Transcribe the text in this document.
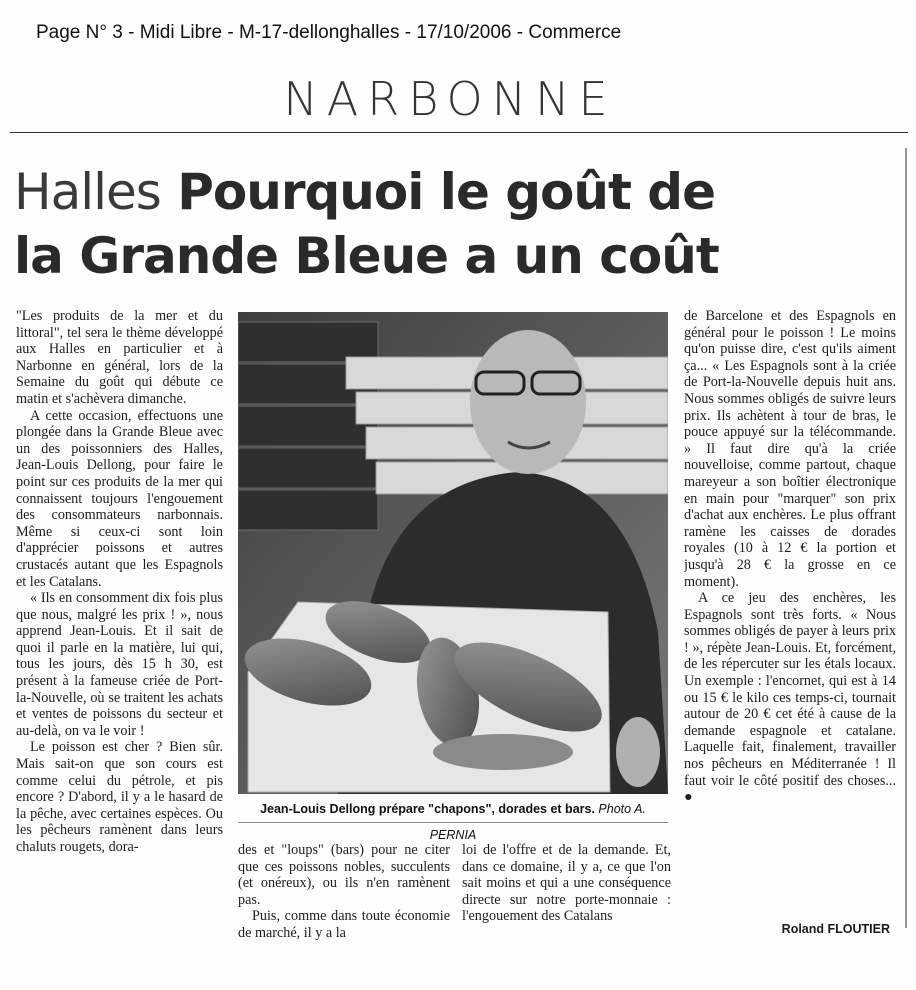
Page N° 3 - Midi Libre - M-17-dellonghalles - 17/10/2006 - Commerce
NARBONNE
Halles Pourquoi le goût de
la Grande Bleue a un coût

"Les produits de la mer et du littoral", tel sera le thème développé aux Halles en particulier et à Narbonne en général, lors de la Semaine du goût qui débute ce matin et s'achèvera dimanche.

A cette occasion, effectuons une plongée dans la Grande Bleue avec un des poissonniers des Halles, Jean-Louis Dellong, pour faire le point sur ces produits de la mer qui connaissent toujours l'engouement des consommateurs narbonnais. Même si ceux-ci sont loin d'apprécier poissons et autres crustacés autant que les Espagnols et les Catalans.

« Ils en consomment dix fois plus que nous, malgré les prix ! », nous apprend Jean-Louis. Et il sait de quoi il parle en la matière, lui qui, tous les jours, dès 15 h 30, est présent à la fameuse criée de Port-la-Nouvelle, où se traitent les achats et ventes de poissons du secteur et au-delà, on va le voir !

Le poisson est cher ? Bien sûr. Mais sait-on que son cours est comme celui du pétrole, et pis encore ? D'abord, il y a le hasard de la pêche, avec certaines espèces. Ou les pêcheurs ramènent dans leurs chaluts rougets, dora-

Jean-Louis Dellong prépare "chapons", dorades et bars. Photo A. PERNIA

des et "loups" (bars) pour ne citer que ces poissons nobles, succulents (et onéreux), ou ils n'en ramènent pas.

Puis, comme dans toute économie de marché, il y a la

loi de l'offre et de la demande. Et, dans ce domaine, il y a, ce que l'on sait moins et qui a une conséquence directe sur notre porte-monnaie : l'engouement des Catalans

de Barcelone et des Espagnols en général pour le poisson ! Le moins qu'on puisse dire, c'est qu'ils aiment ça... « Les Espagnols sont à la criée de Port-la-Nouvelle depuis huit ans. Nous sommes obligés de suivre leurs prix. Ils achètent à tour de bras, le pouce appuyé sur la télécommande. » Il faut dire qu'à la criée nouvelloise, comme partout, chaque mareyeur a son boîtier électronique en main pour "marquer" son prix d'achat aux enchères. Le plus offrant ramène les caisses de dorades royales (10 à 12 € la portion et jusqu'à 28 € la grosse en ce moment).

A ce jeu des enchères, les Espagnols sont très forts. « Nous sommes obligés de payer à leurs prix ! », répète Jean-Louis. Et, forcément, de les répercuter sur les étals locaux. Un exemple : l'encornet, qui est à 14 ou 15 € le kilo ces temps-ci, tournait autour de 20 € cet été à cause de la demande espagnole et catalane. Laquelle fait, finalement, travailler nos pêcheurs en Méditerranée ! Il faut voir le côté positif des choses... ●

Roland FLOUTIER
